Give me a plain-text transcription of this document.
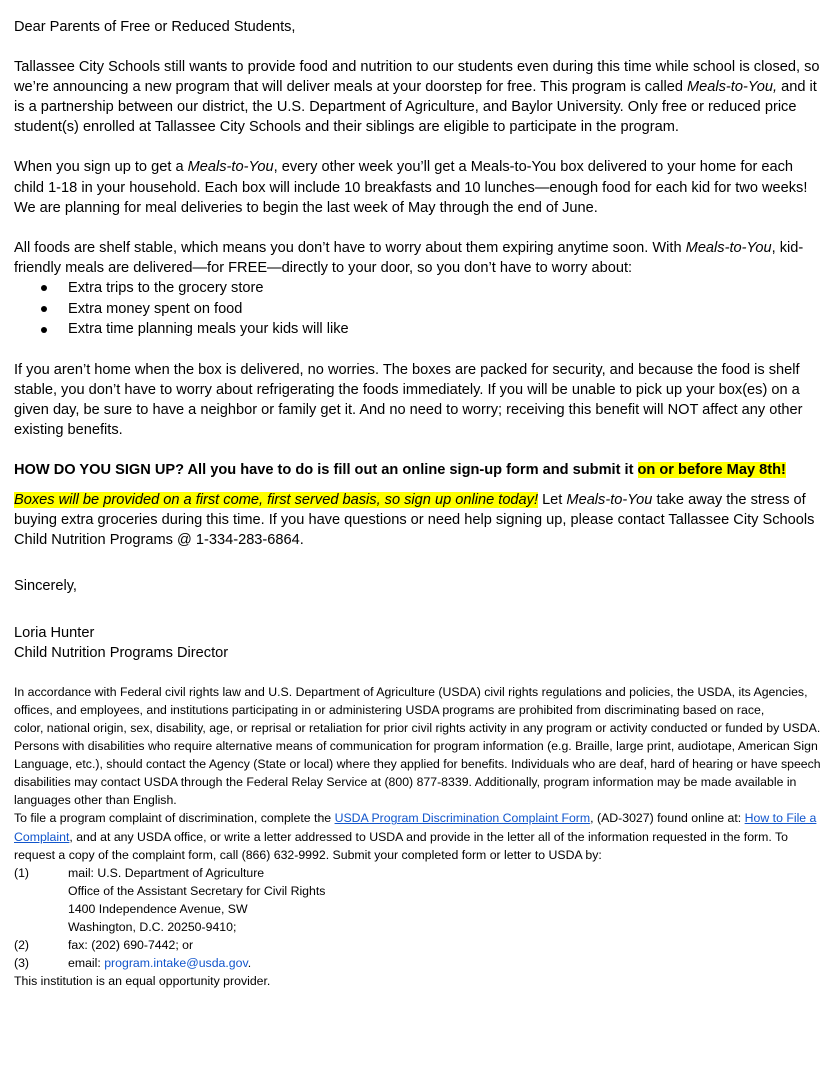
Dear Parents of Free or Reduced Students,

Tallassee City Schools still wants to provide food and nutrition to our students even during this time while school is closed, so we’re announcing a new program that will deliver meals at your doorstep for free. This program is called Meals-to-You, and it is a partnership between our district, the U.S. Department of Agriculture, and Baylor University. Only free or reduced price student(s) enrolled at Tallassee City Schools and their siblings are eligible to participate in the program.

When you sign up to get a Meals-to-You, every other week you’ll get a Meals-to-You box delivered to your home for each child 1-18 in your household. Each box will include 10 breakfasts and 10 lunches—enough food for each kid for two weeks! We are planning for meal deliveries to begin the last week of May through the end of June.

All foods are shelf stable, which means you don’t have to worry about them expiring anytime soon. With Meals-to-You, kid-friendly meals are delivered—for FREE—directly to your door, so you don’t have to worry about:

Extra trips to the grocery store
Extra money spent on food
Extra time planning meals your kids will like

If you aren’t home when the box is delivered, no worries. The boxes are packed for security, and because the food is shelf stable, you don’t have to worry about refrigerating the foods immediately. If you will be unable to pick up your box(es) on a given day, be sure to have a neighbor or family get it. And no need to worry; receiving this benefit will NOT affect any other existing benefits.

HOW DO YOU SIGN UP? All you have to do is fill out an online sign-up form and submit it on or before May 8th!

Boxes will be provided on a first come, first served basis, so sign up online today! Let Meals-to-You take away the stress of buying extra groceries during this time. If you have questions or need help signing up, please contact Tallassee City Schools Child Nutrition Programs @ 1-334-283-6864.

Sincerely,

Loria Hunter

Child Nutrition Programs Director

In accordance with Federal civil rights law and U.S. Department of Agriculture (USDA) civil rights regulations and policies, the USDA, its Agencies, offices, and employees, and institutions participating in or administering USDA programs are prohibited from discriminating based on race,

color, national origin, sex, disability, age, or reprisal or retaliation for prior civil rights activity in any program or activity conducted or funded by USDA.

Persons with disabilities who require alternative means of communication for program information (e.g. Braille, large print, audiotape, American Sign Language, etc.), should contact the Agency (State or local) where they applied for benefits. Individuals who are deaf, hard of hearing or have speech disabilities may contact USDA through the Federal Relay Service at (800) 877-8339. Additionally, program information may be made available in languages other than English.

To file a program complaint of discrimination, complete the USDA Program Discrimination Complaint Form, (AD-3027) found online at: How to File a Complaint, and at any USDA office, or write a letter addressed to USDA and provide in the letter all of the information requested in the form. To request a copy of the complaint form, call (866) 632-9992. Submit your completed form or letter to USDA by:

(1)	mail: U.S. Department of Agriculture
Office of the Assistant Secretary for Civil Rights
1400 Independence Avenue, SW
Washington, D.C. 20250-9410;
(2)	fax: (202) 690-7442; or
(3)	email: program.intake@usda.gov.

This institution is an equal opportunity provider.
